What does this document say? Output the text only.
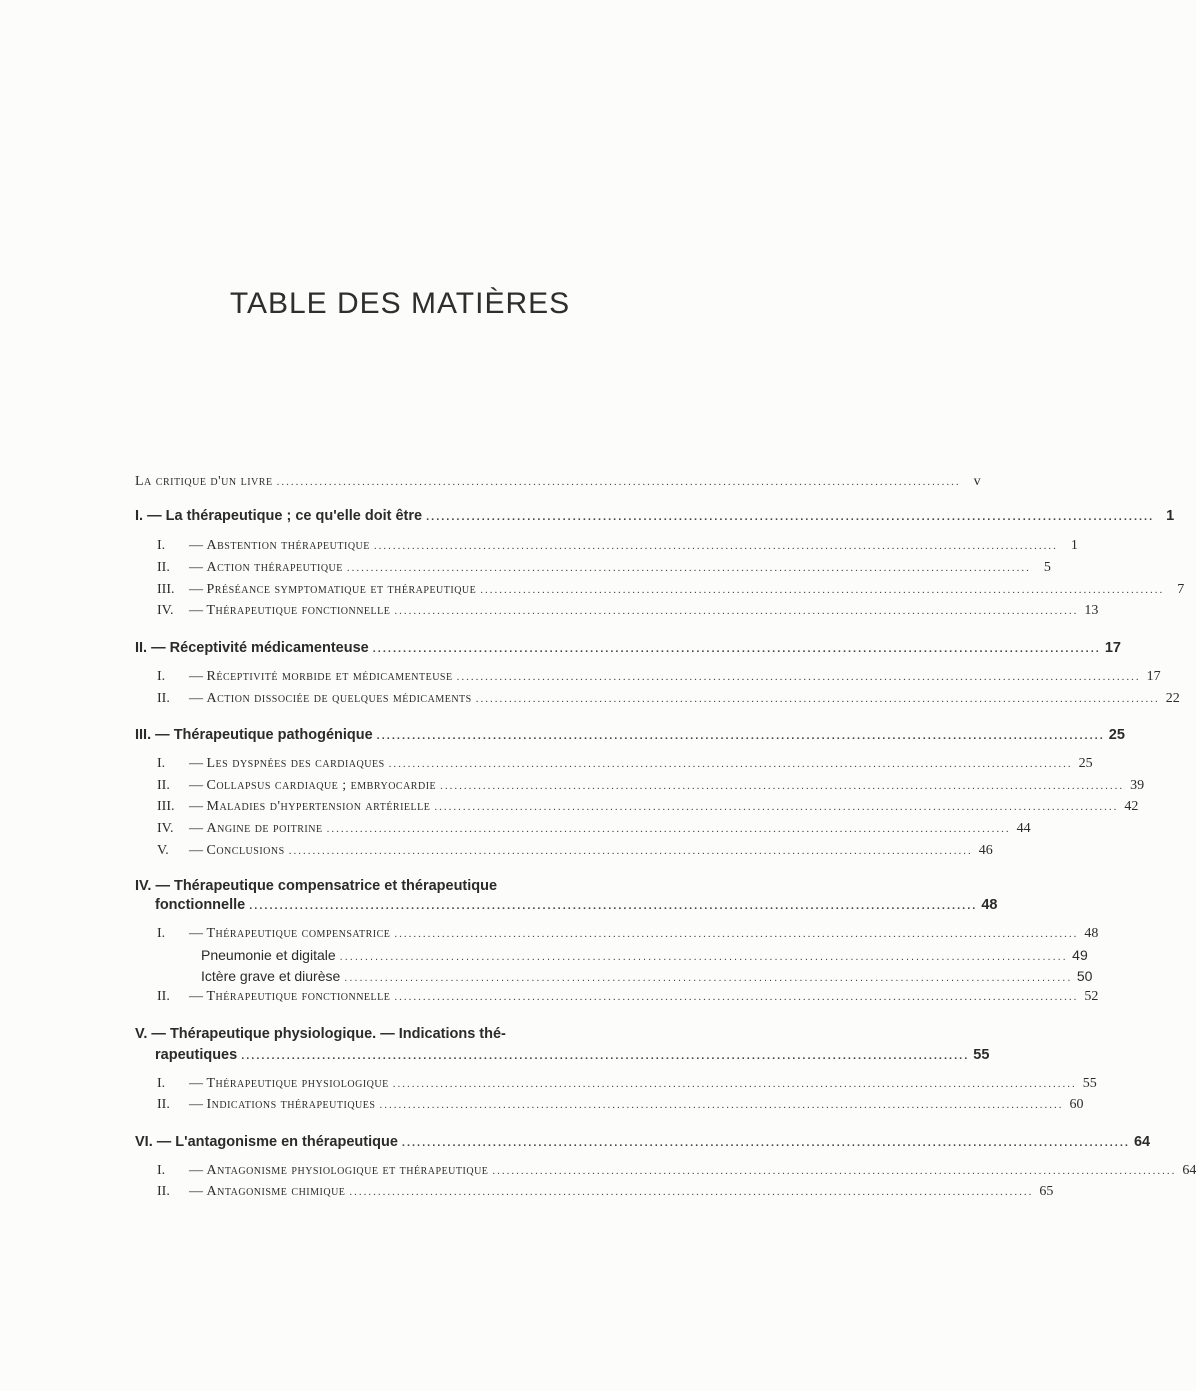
TABLE DES MATIÈRES
La critique d'un livre ................................................................................................................................................ v
I. — La thérapeutique ; ce qu'elle doit être ................................................................................................................................................ 1
I. — Abstention thérapeutique ................................................................................................................................................ 1
II. — Action thérapeutique ................................................................................................................................................ 5
III. — Préséance symptomatique et thérapeutique ................................................................................................................................................ 7
IV. — Thérapeutique fonctionnelle ................................................................................................................................................ 13
II. — Réceptivité médicamenteuse ................................................................................................................................................ 17
I. — Réceptivité morbide et médicamenteuse ................................................................................................................................................ 17
II. — Action dissociée de quelques médicaments ................................................................................................................................................ 22
III. — Thérapeutique pathogénique ................................................................................................................................................ 25
I. — Les dyspnées des cardiaques ................................................................................................................................................ 25
II. — Collapsus cardiaque ; embryocardie ................................................................................................................................................ 39
III. — Maladies d'hypertension artérielle ................................................................................................................................................ 42
IV. — Angine de poitrine ................................................................................................................................................ 44
V. — Conclusions ................................................................................................................................................ 46
IV. — Thérapeutique compensatrice et thérapeutique
fonctionnelle ................................................................................................................................................ 48
I. — Thérapeutique compensatrice ................................................................................................................................................ 48
Pneumonie et digitale ................................................................................................................................................ 49
Ictère grave et diurèse ................................................................................................................................................ 50
II. — Thérapeutique fonctionnelle ................................................................................................................................................ 52
V. — Thérapeutique physiologique. — Indications thé-
rapeutiques ................................................................................................................................................ 55
I. — Thérapeutique physiologique ................................................................................................................................................ 55
II. — Indications thérapeutiques ................................................................................................................................................ 60
VI. — L'antagonisme en thérapeutique ................................................................................................................................................ 64
I. — Antagonisme physiologique et thérapeutique ................................................................................................................................................ 64
II. — Antagonisme chimique ................................................................................................................................................ 65
